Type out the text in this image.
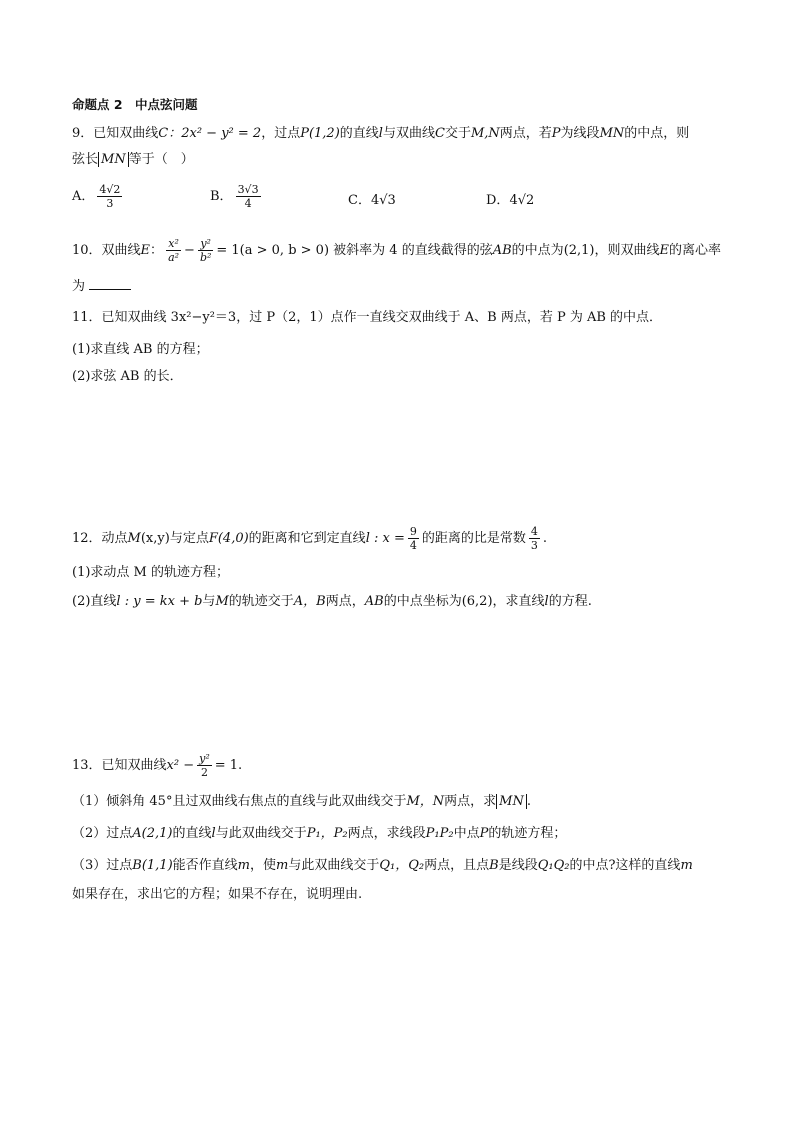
命题点 2　中点弦问题
9．已知双曲线C：2x² − y² = 2，过点P(1,2)的直线l与双曲线C交于M,N两点，若P为线段MN的中点，则
弦长 MN 等于（　）
A． $\frac{4√2}{3}$	B． $\frac{3√3}{4}$	C．4√3	D．4√2
10．双曲线E： $\frac{\text{x²}}{\text{a²}} - \frac{\text{y²}}{\text{b²}} = 1(a > 0$, b > 0) 被斜率为 4 的直线截得的弦AB的中点为(2,1)，则双曲线E的离心率
为
11．已知双曲线 3x²−y²＝3，过 P（2，1）点作一直线交双曲线于 A、B 两点，若 P 为 AB 的中点．
(1)求直线 AB 的方程；
(2)求弦 AB 的长．
12．动点M(x,y)与定点F(4,0)的距离和它到定直线l : $x = \frac{9}{4}$ 的距离的比是常数 $\frac{4}{3}$ .
(1)求动点 M 的轨迹方程；
(2)直线l : y = kx + b与M的轨迹交于A，B两点，AB的中点坐标为(6,2)，求直线l的方程.
13．已知双曲线$x^2 - \frac{\text{y²}}{2} = 1$.
（1）倾斜角 45°且过双曲线右焦点的直线与此双曲线交于M，N两点，求 MN .
（2）过点A(2,1)的直线l与此双曲线交于P₁，P₂两点，求线段P₁P₂中点P的轨迹方程；
（3）过点B(1,1)能否作直线m，使m与此双曲线交于Q₁，Q₂两点，且点B是线段Q₁Q₂的中点?这样的直线m
如果存在，求出它的方程；如果不存在，说明理由.
